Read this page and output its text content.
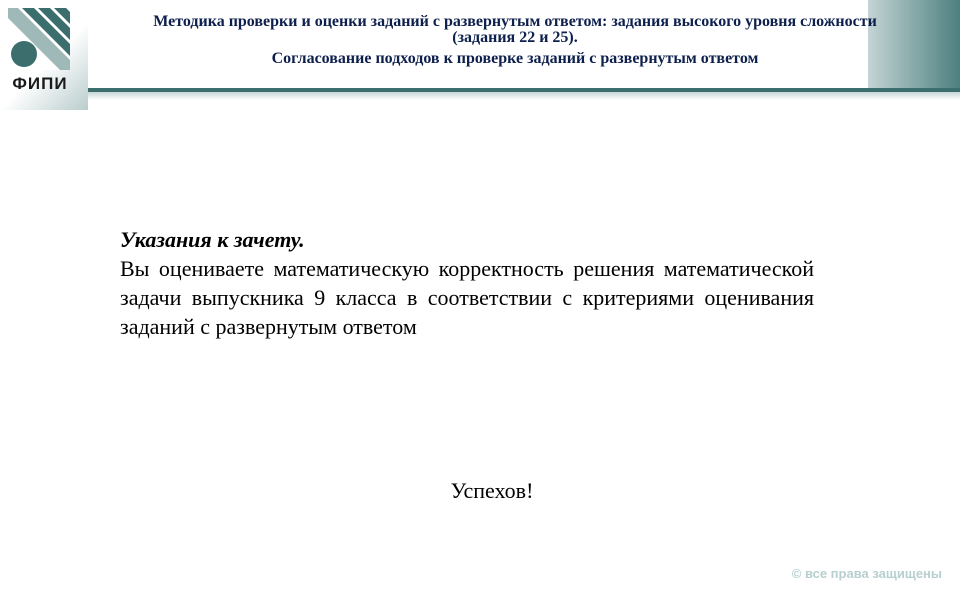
ФИПИ
Методика проверки и оценки заданий с развернутым ответом: задания высокого уровня сложности (задания 22 и 25).
Согласование подходов к проверке заданий с развернутым ответом
Указания к зачету.
Вы оцениваете математическую корректность решения математической задачи выпускника 9 класса в соответствии с критериями оценивания заданий с развернутым ответом
Успехов!
© все права защищены
